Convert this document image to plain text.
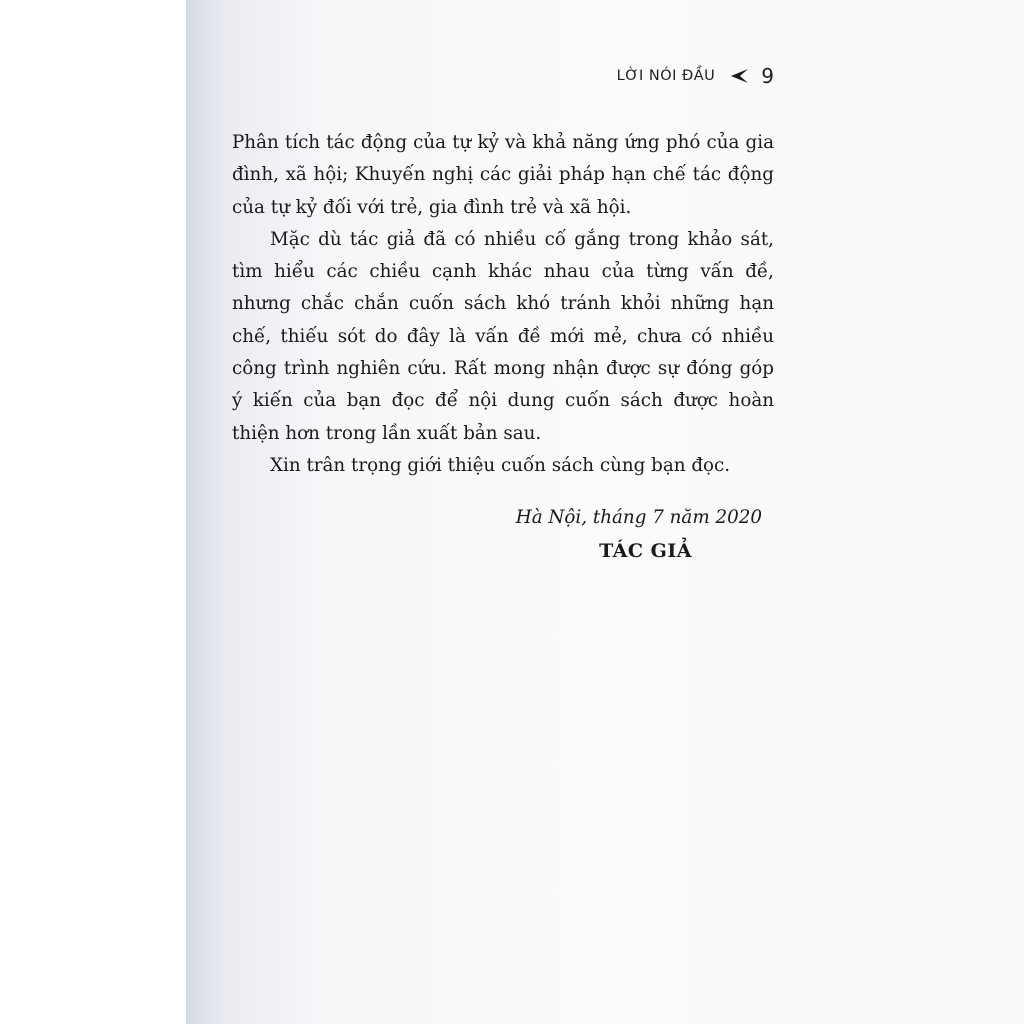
LỜI NÓI ĐẦU 9

Phân tích tác động của tự kỷ và khả năng ứng phó của gia đình, xã hội; Khuyến nghị các giải pháp hạn chế tác động của tự kỷ đối với trẻ, gia đình trẻ và xã hội.

Mặc dù tác giả đã có nhiều cố gắng trong khảo sát, tìm hiểu các chiều cạnh khác nhau của từng vấn đề, nhưng chắc chắn cuốn sách khó tránh khỏi những hạn chế, thiếu sót do đây là vấn đề mới mẻ, chưa có nhiều công trình nghiên cứu. Rất mong nhận được sự đóng góp ý kiến của bạn đọc để nội dung cuốn sách được hoàn thiện hơn trong lần xuất bản sau.

Xin trân trọng giới thiệu cuốn sách cùng bạn đọc.

Hà Nội, tháng 7 năm 2020
TÁC GIẢ
